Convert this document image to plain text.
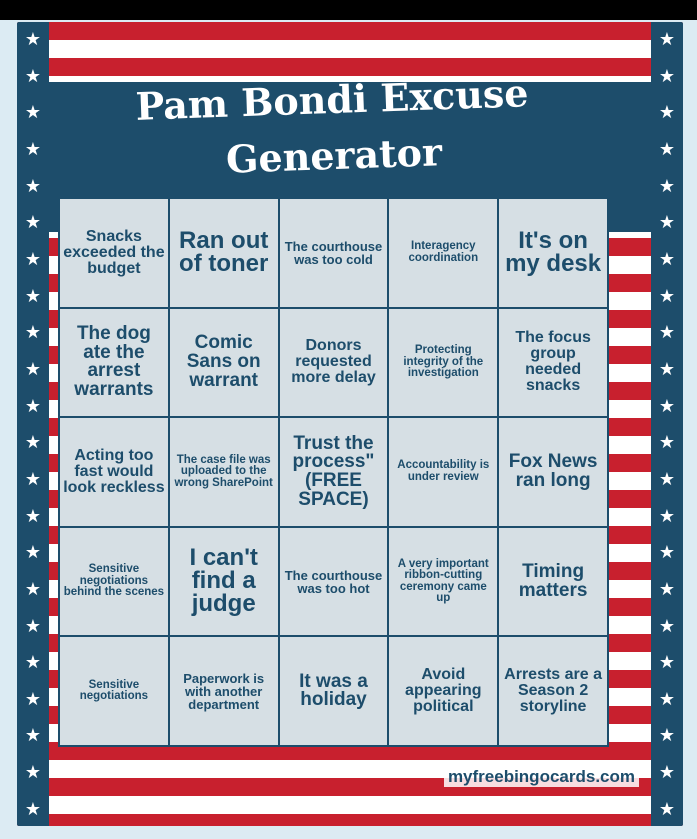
★
★
★
★
★
★
★
★
★
★
★
★
★
★
★
★
★
★
★
★
★
★
★
★
★
★
★
★
★
★
★
★
★
★
★
★
★
★
★
★
★
★
★
★
Pam Bondi Excuse Generator
Snacks exceeded the budget
Ran out of toner
The courthouse was too cold
Interagency coordination
It's on my desk
The dog ate the arrest warrants
Comic Sans on warrant
Donors requested more delay
Protecting integrity of the investigation
The focus group needed snacks
Acting too fast would look reckless
The case file was uploaded to the wrong SharePoint
Trust the process" (FREE SPACE)
Accountability is under review
Fox News ran long
Sensitive negotiations behind the scenes
I can't find a judge
The courthouse was too hot
A very important ribbon-cutting ceremony came up
Timing matters
Sensitive negotiations
Paperwork is with another department
It was a holiday
Avoid appearing political
Arrests are a Season 2 storyline
myfreebingocards.com
